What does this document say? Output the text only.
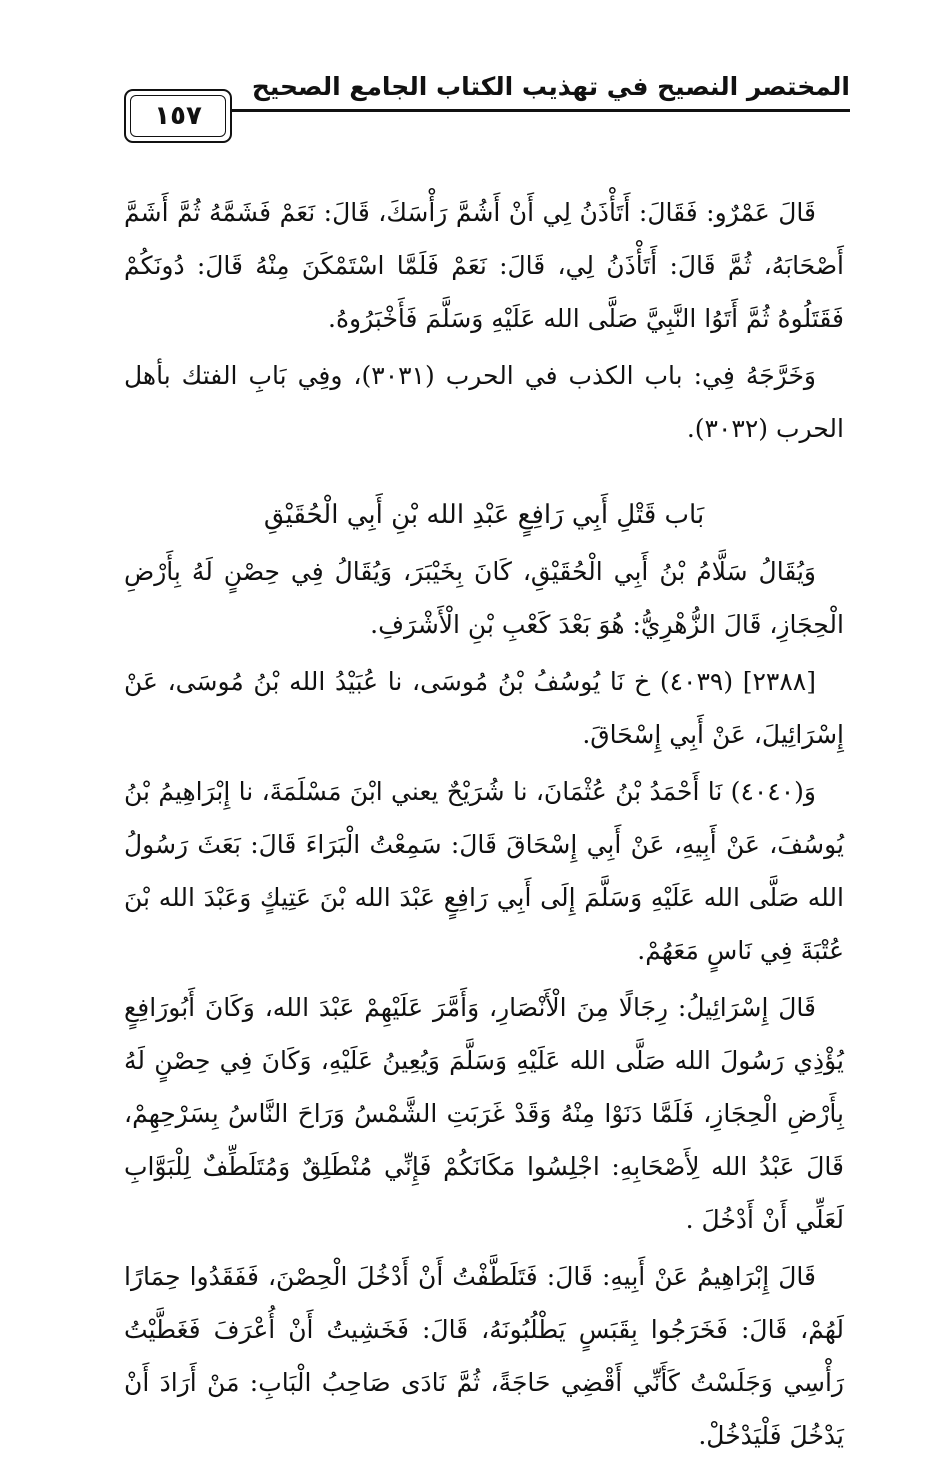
المختصر النصيح في تهذيب الكتاب الجامع الصحيح
١٥٧

قَالَ عَمْرٌو: فَقَالَ: أَتَأْذَنُ لِي أَنْ أَشُمَّ رَأْسَكَ، قَالَ: نَعَمْ فَشَمَّهُ ثُمَّ أَشَمَّ أَصْحَابَهُ، ثُمَّ قَالَ: أَتَأْذَنُ لِي، قَالَ: نَعَمْ فَلَمَّا اسْتَمْكَنَ مِنْهُ قَالَ: دُونَكُمْ فَقَتَلُوهُ ثُمَّ أَتَوُا النَّبِيَّ صَلَّى الله عَلَيْهِ وَسَلَّمَ فَأَخْبَرُوهُ.

وَخَرَّجَهُ فِي: باب الكذب في الحرب (٣٠٣١)، وفِي بَابِ الفتك بأهل الحرب (٣٠٣٢).

بَاب قَتْلِ أَبِي رَافِعٍ عَبْدِ الله بْنِ أَبِي الْحُقَيْقِ

وَيُقَالُ سَلَّامُ بْنُ أَبِي الْحُقَيْقِ، كَانَ بِخَيْبَرَ، وَيُقَالُ فِي حِصْنٍ لَهُ بِأَرْضِ الْحِجَازِ، قَالَ الزُّهْرِيُّ: هُوَ بَعْدَ كَعْبِ بْنِ الْأَشْرَفِ.

[٢٣٨٨] (٤٠٣٩) خ نَا يُوسُفُ بْنُ مُوسَى، نا عُبَيْدُ الله بْنُ مُوسَى، عَنْ إِسْرَائِيلَ، عَنْ أَبِي إِسْحَاقَ.

وَ(٤٠٤٠) نَا أَحْمَدُ بْنُ عُثْمَانَ، نا شُرَيْحٌ يعني ابْنَ مَسْلَمَةَ، نا إِبْرَاهِيمُ بْنُ يُوسُفَ، عَنْ أَبِيهِ، عَنْ أَبِي إِسْحَاقَ قَالَ: سَمِعْتُ الْبَرَاءَ قَالَ: بَعَثَ رَسُولُ الله صَلَّى الله عَلَيْهِ وَسَلَّمَ إِلَى أَبِي رَافِعٍ عَبْدَ الله بْنَ عَتِيكٍ وَعَبْدَ الله بْنَ عُتْبَةَ فِي نَاسٍ مَعَهُمْ.

قَالَ إِسْرَائِيلُ: رِجَالًا مِنَ الْأَنْصَارِ، وَأَمَّرَ عَلَيْهِمْ عَبْدَ الله، وَكَانَ أَبُورَافِعٍ يُؤْذِي رَسُولَ الله صَلَّى الله عَلَيْهِ وَسَلَّمَ وَيُعِينُ عَلَيْهِ، وَكَانَ فِي حِصْنٍ لَهُ بِأَرْضِ الْحِجَازِ، فَلَمَّا دَنَوْا مِنْهُ وَقَدْ غَرَبَتِ الشَّمْسُ وَرَاحَ النَّاسُ بِسَرْحِهِمْ، قَالَ عَبْدُ الله لِأَصْحَابِهِ: اجْلِسُوا مَكَانَكُمْ فَإِنِّي مُنْطَلِقٌ وَمُتَلَطِّفٌ لِلْبَوَّابِ لَعَلِّي أَنْ أَدْخُلَ .

قَالَ إِبْرَاهِيمُ عَنْ أَبِيهِ: قَالَ: فَتَلَطَّفْتُ أَنْ أَدْخُلَ الْحِصْنَ، فَفَقَدُوا حِمَارًا لَهُمْ، قَالَ: فَخَرَجُوا بِقَبَسٍ يَطْلُبُونَهُ، قَالَ: فَخَشِيتُ أَنْ أُعْرَفَ فَغَطَّيْتُ رَأْسِي وَجَلَسْتُ كَأَنِّي أَقْضِي حَاجَةً، ثُمَّ نَادَى صَاحِبُ الْبَابِ: مَنْ أَرَادَ أَنْ يَدْخُلَ فَلْيَدْخُلْ.
